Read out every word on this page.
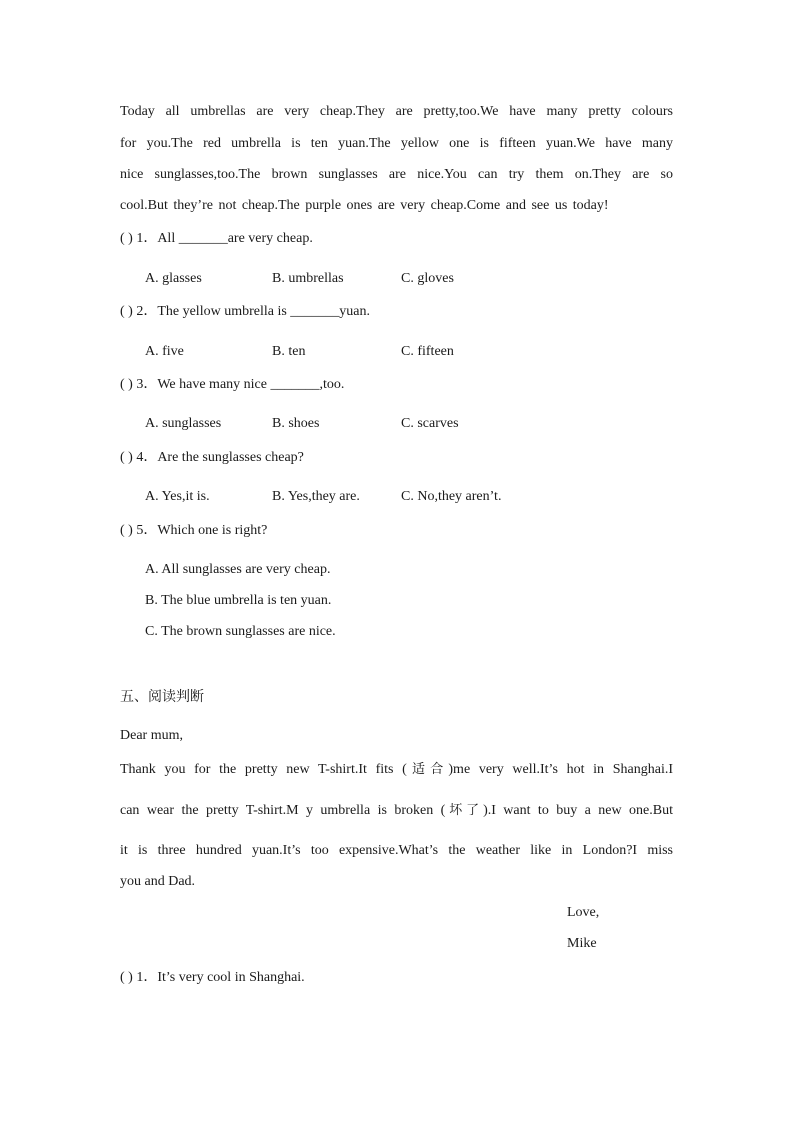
Today all umbrellas are very cheap.They are pretty,too.We have many pretty colours
for you.The red umbrella is ten yuan.The yellow one is fifteen yuan.We have many
nice sunglasses,too.The brown sunglasses are nice.You can try them on.They are so
cool.But they’re not cheap.The purple ones are very cheap.Come and see us today!
( ) 1．All _______are very cheap.
A. glasses	B. umbrellas	C. gloves
( ) 2．The yellow umbrella is _______yuan.
A. five	B. ten	C. fifteen
( ) 3．We have many nice _______,too.
A. sunglasses	B. shoes	C. scarves
( ) 4．Are the sunglasses cheap?
A. Yes,it is.	B. Yes,they are.	C. No,they aren’t.
( ) 5．Which one is right?
A. All sunglasses are very cheap.
B. The blue umbrella is ten yuan.
C. The brown sunglasses are nice.
五、阅读判断
Dear mum,
Thank you for the pretty new T-shirt.It fits (适合)me very well.It’s hot in Shanghai.I
can wear the pretty T-shirt.M y umbrella is broken (坏了).I want to buy a new one.But
it is three hundred yuan.It’s too expensive.What’s the weather like in London?I miss
you and Dad.
Love,
Mike
( ) 1．It’s very cool in Shanghai.
